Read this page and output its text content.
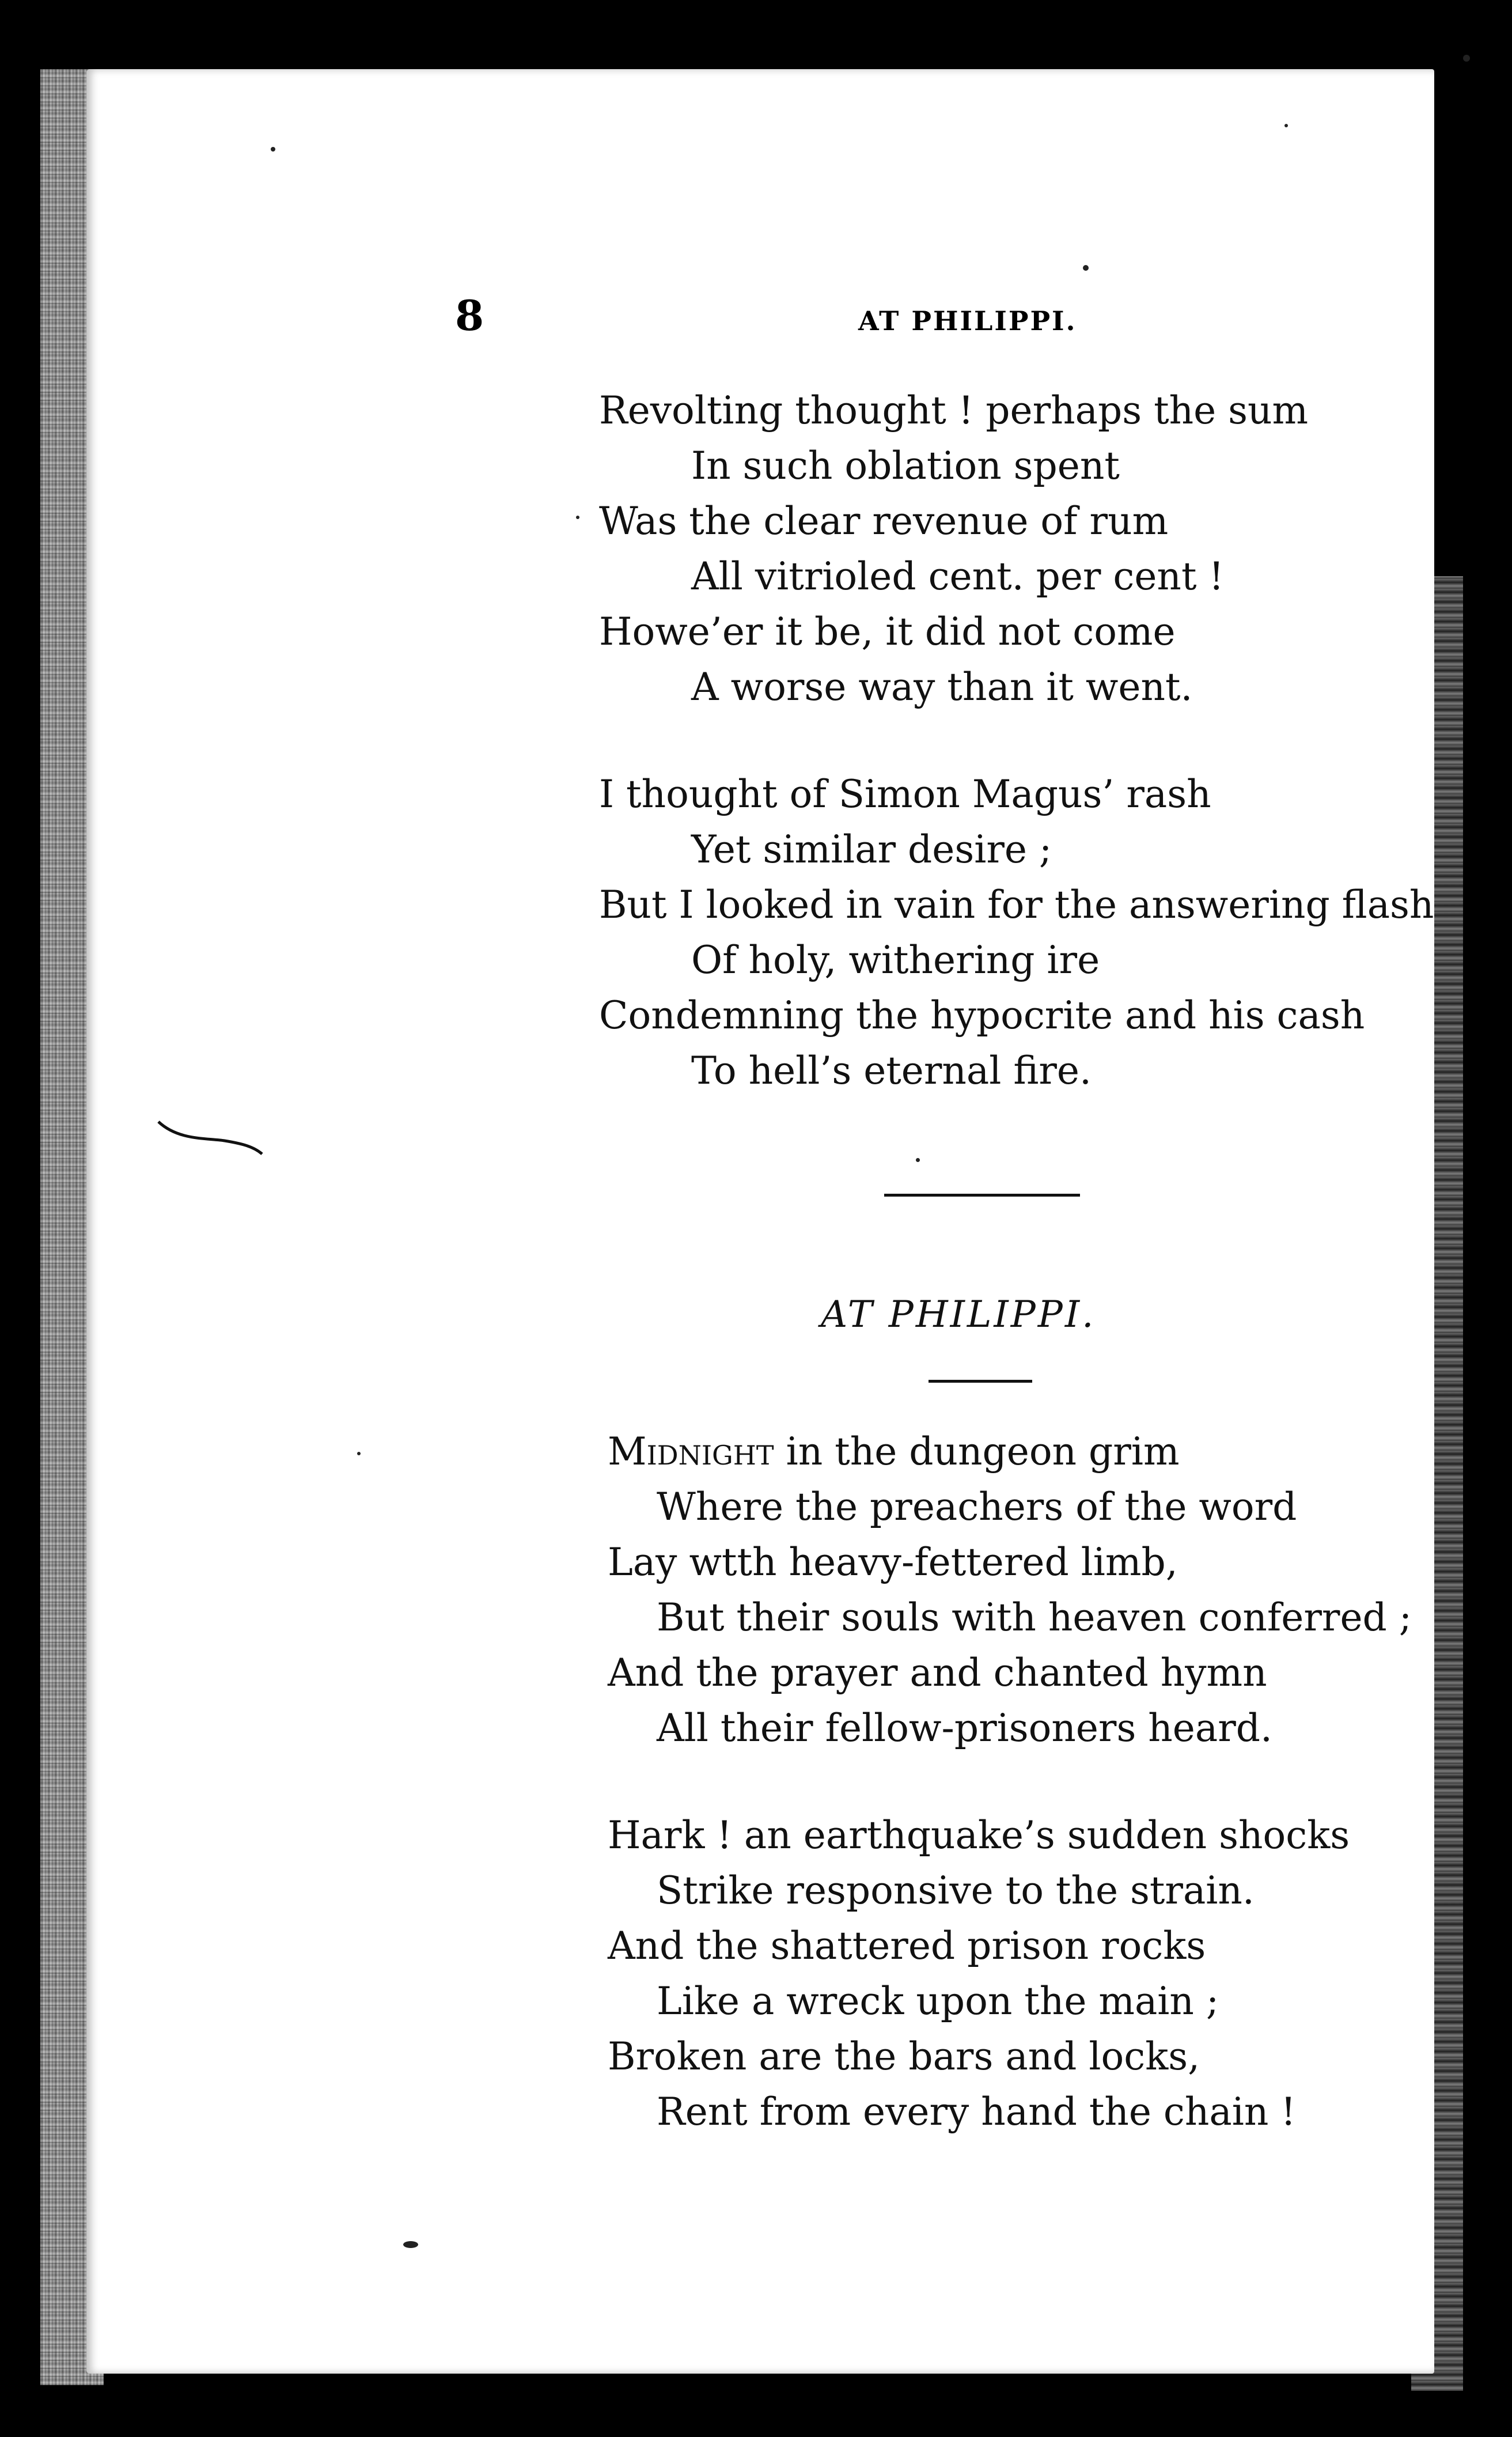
8	AT PHILIPPI.
Revolting thought ! perhaps the sum
In such oblation spent
Was the clear revenue of rum
All vitrioled cent. per cent !
Howe’er it be, it did not come
A worse way than it went.
I thought of Simon Magus’ rash
Yet similar desire ;
But I looked in vain for the answering flash
Of holy, withering ire
Condemning the hypocrite and his cash
To hell’s eternal fire.
AT PHILIPPI.
Midnight in the dungeon grim
Where the preachers of the word
Lay wtth heavy-fettered limb,
But their souls with heaven conferred ;
And the prayer and chanted hymn
All their fellow-prisoners heard.
Hark ! an earthquake’s sudden shocks
Strike responsive to the strain.
And the shattered prison rocks
Like a wreck upon the main ;
Broken are the bars and locks,
Rent from every hand the chain !
